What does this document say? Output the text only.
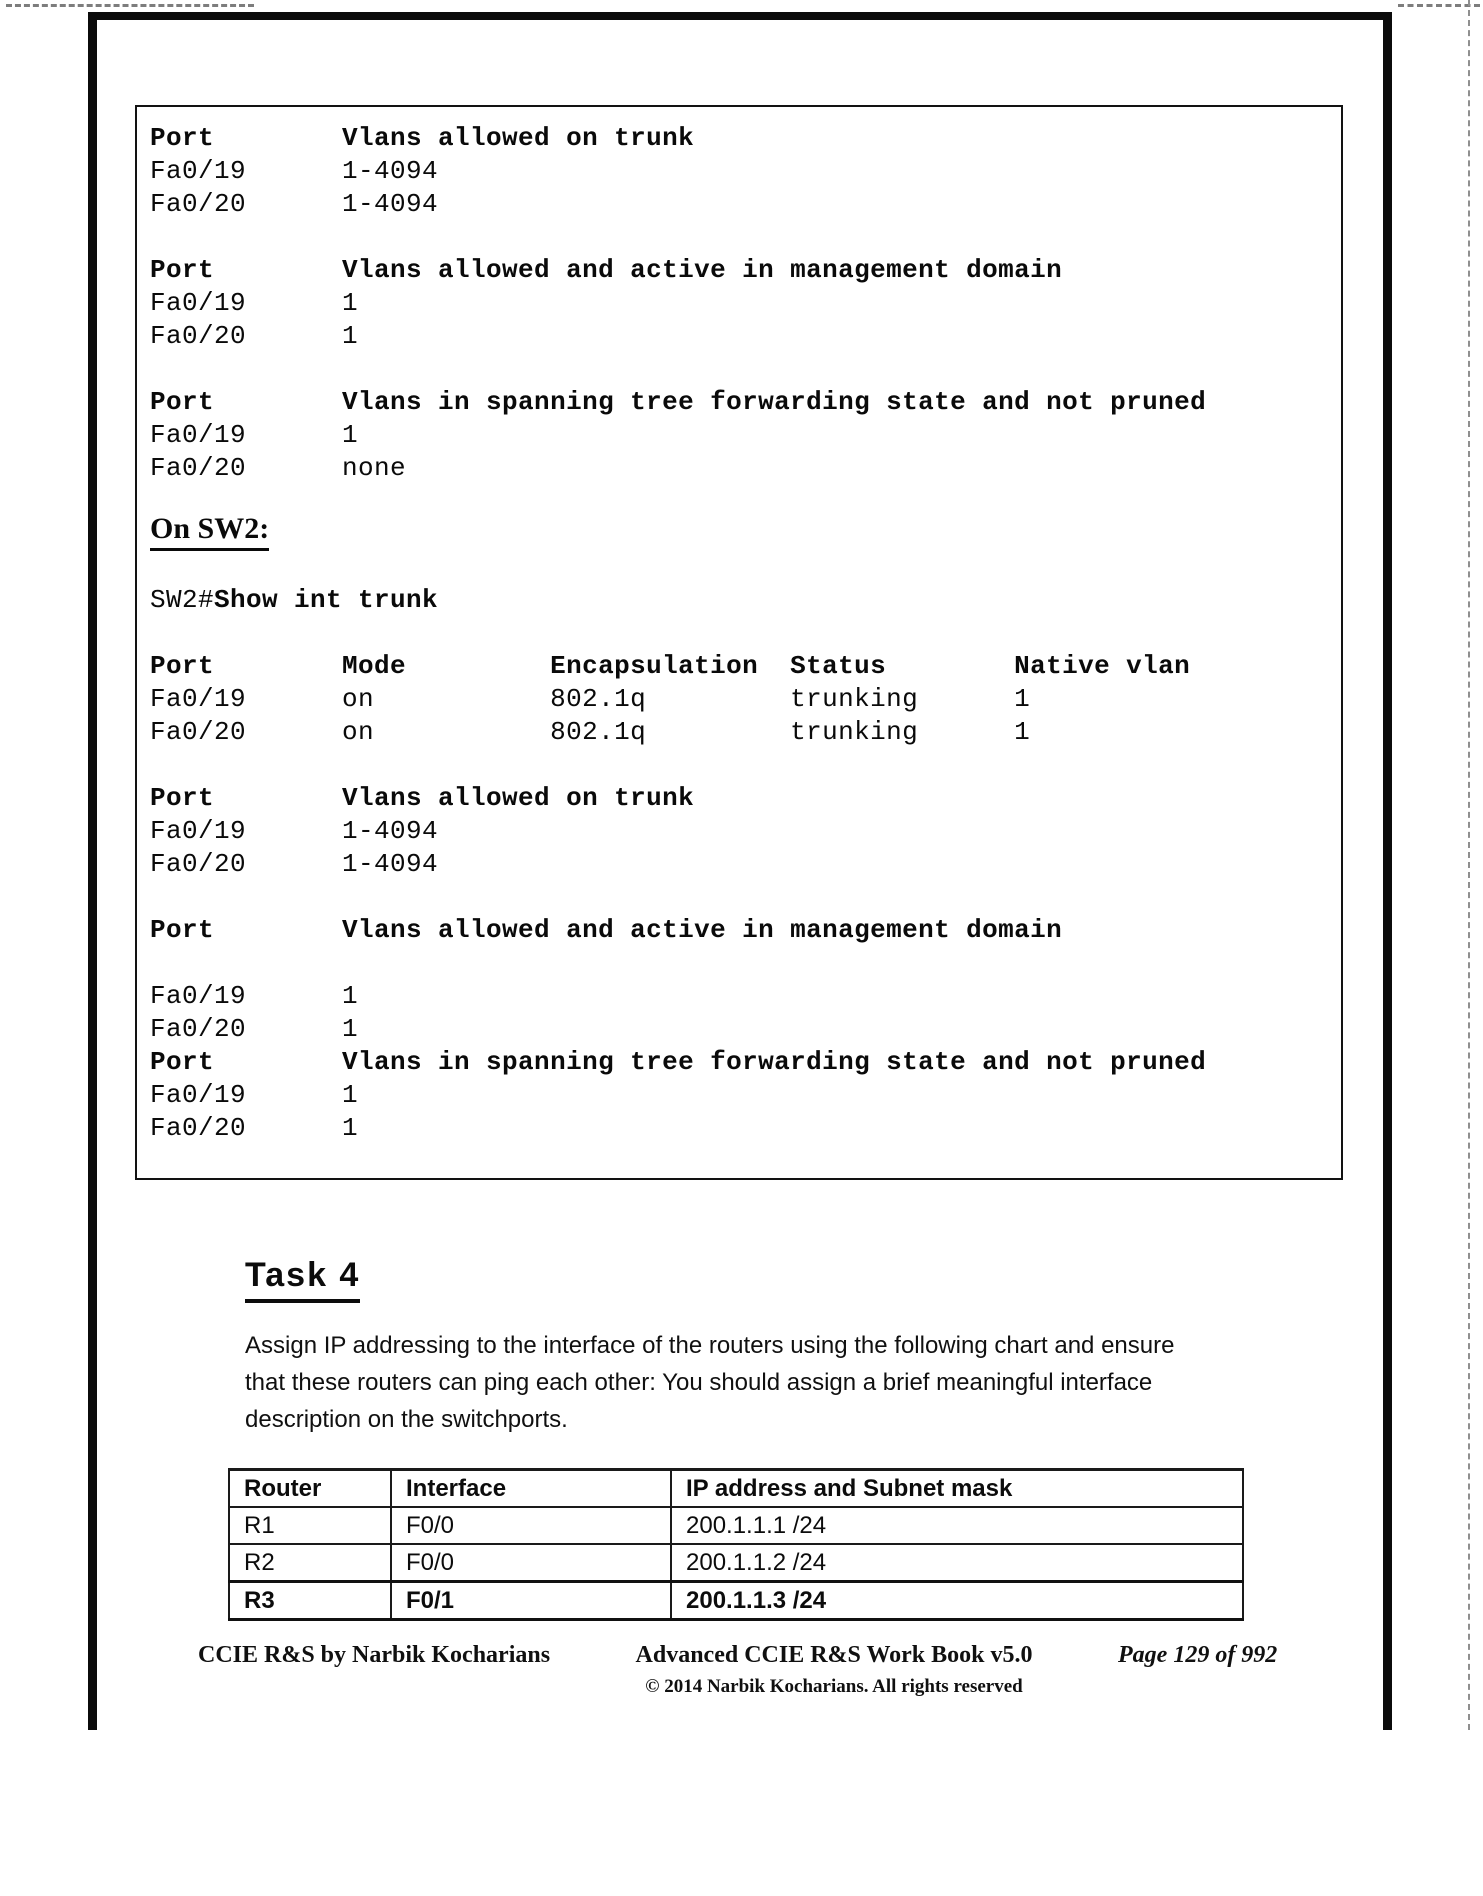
Port        Vlans allowed on trunk
Fa0/19      1-4094
Fa0/20      1-4094

Port        Vlans allowed and active in management domain
Fa0/19      1
Fa0/20      1

Port        Vlans in spanning tree forwarding state and not pruned
Fa0/19      1
Fa0/20      none
On SW2:
SW2#Show int trunk
Port        Mode         Encapsulation  Status        Native vlan
Fa0/19      on           802.1q         trunking      1
Fa0/20      on           802.1q         trunking      1

Port        Vlans allowed on trunk
Fa0/19      1-4094
Fa0/20      1-4094

Port        Vlans allowed and active in management domain

Fa0/19      1
Fa0/20      1
Port        Vlans in spanning tree forwarding state and not pruned
Fa0/19      1
Fa0/20      1
Task 4
Assign IP addressing to the interface of the routers using the following chart and ensure
that these routers can ping each other: You should assign a brief meaningful interface
description on the switchports.
Router	Interface	IP address and Subnet mask
R1	F0/0	200.1.1.1 /24
R2	F0/0	200.1.1.2 /24
R3	F0/1	200.1.1.3 /24
CCIE R&S by Narbik Kocharians	Advanced CCIE R&S Work Book v5.0
© 2014 Narbik Kocharians. All rights reserved
Page 129 of 992
